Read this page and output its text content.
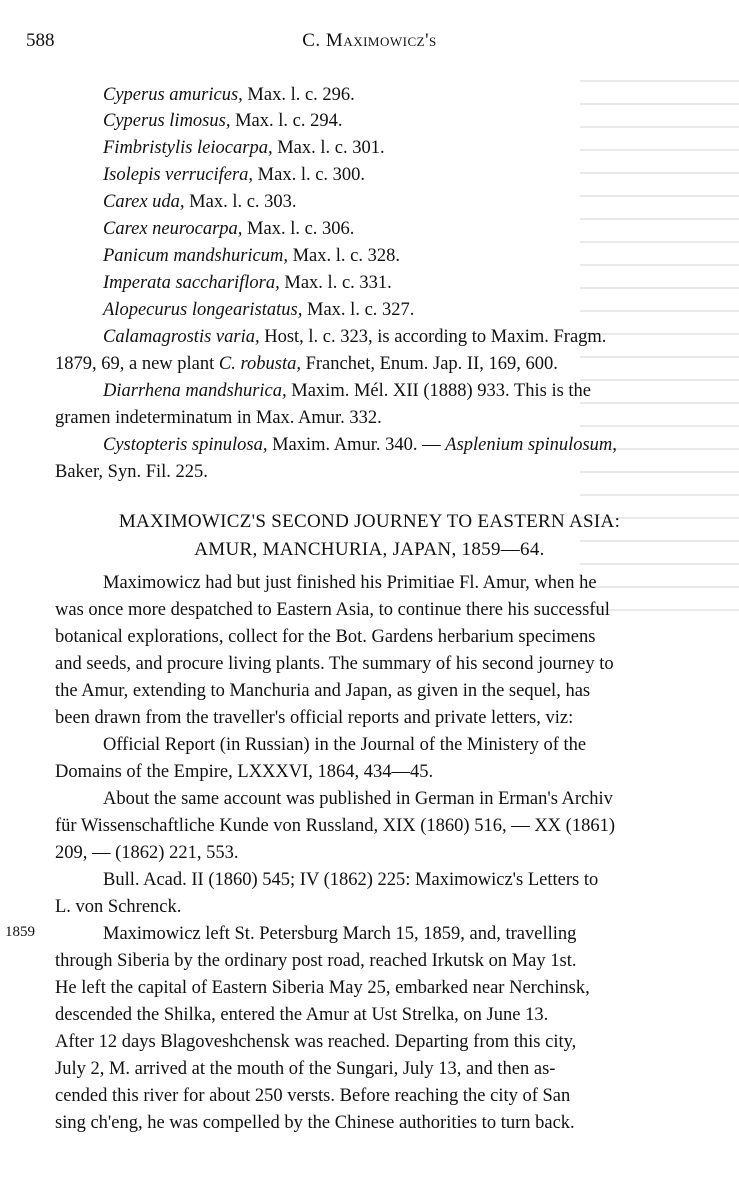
588	C. Maximowicz's
Cyperus amuricus, Max. l. c. 296.
Cyperus limosus, Max. l. c. 294.
Fimbristylis leiocarpa, Max. l. c. 301.
Isolepis verrucifera, Max. l. c. 300.
Carex uda, Max. l. c. 303.
Carex neurocarpa, Max. l. c. 306.
Panicum mandshuricum, Max. l. c. 328.
Imperata sacchariflora, Max. l. c. 331.
Alopecurus longearistatus, Max. l. c. 327.
Calamagrostis varia, Host, l. c. 323, is according to Maxim. Fragm.
1879, 69, a new plant C. robusta, Franchet, Enum. Jap. II, 169, 600.
Diarrhena mandshurica, Maxim. Mél. XII (1888) 933. This is the
gramen indeterminatum in Max. Amur. 332.
Cystopteris spinulosa, Maxim. Amur. 340. — Asplenium spinulosum,
Baker, Syn. Fil. 225.
MAXIMOWICZ'S SECOND JOURNEY TO EASTERN ASIA:
AMUR, MANCHURIA, JAPAN, 1859—64.
Maximowicz had but just finished his Primitiae Fl. Amur, when he
was once more despatched to Eastern Asia, to continue there his successful
botanical explorations, collect for the Bot. Gardens herbarium specimens
and seeds, and procure living plants. The summary of his second journey to
the Amur, extending to Manchuria and Japan, as given in the sequel, has
been drawn from the traveller's official reports and private letters, viz:
Official Report (in Russian) in the Journal of the Ministery of the
Domains of the Empire, LXXXVI, 1864, 434—45.
About the same account was published in German in Erman's Archiv
für Wissenschaftliche Kunde von Russland, XIX (1860) 516, — XX (1861)
209, — (1862) 221, 553.
Bull. Acad. II (1860) 545; IV (1862) 225: Maximowicz's Letters to
L. von Schrenck.
1859	Maximowicz left St. Petersburg March 15, 1859, and, travelling
through Siberia by the ordinary post road, reached Irkutsk on May 1st.
He left the capital of Eastern Siberia May 25, embarked near Nerchinsk,
descended the Shilka, entered the Amur at Ust Strelka, on June 13.
After 12 days Blagoveshchensk was reached. Departing from this city,
July 2, M. arrived at the mouth of the Sungari, July 13, and then as-
cended this river for about 250 versts. Before reaching the city of San
sing ch'eng, he was compelled by the Chinese authorities to turn back.
